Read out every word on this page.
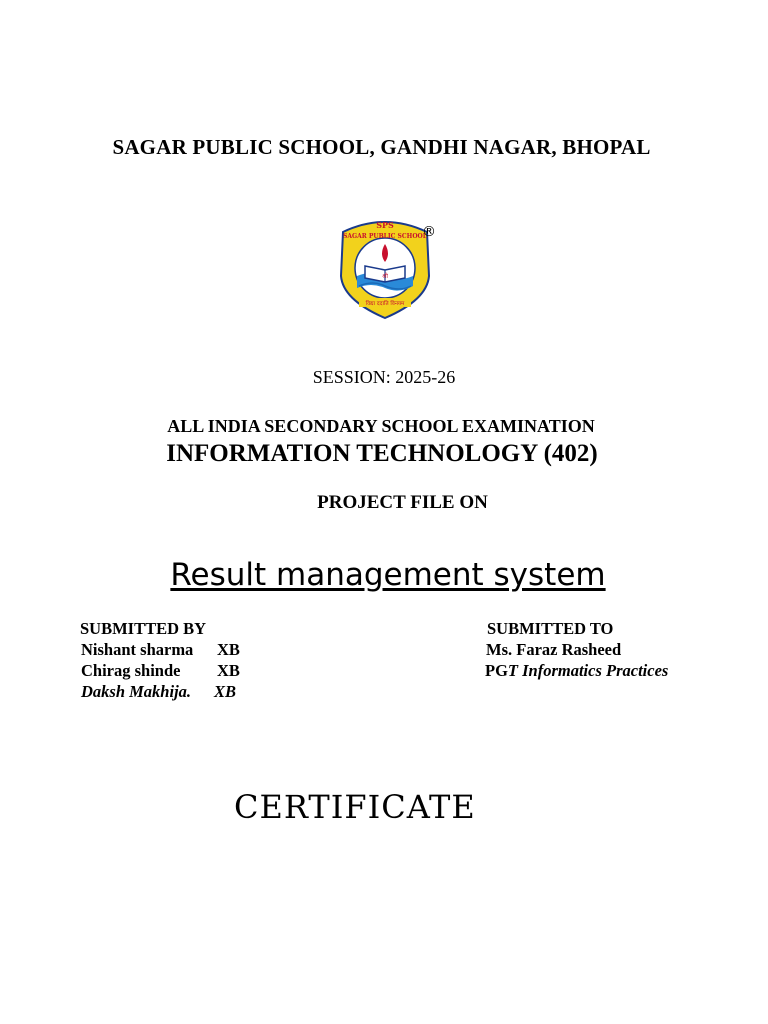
SAGAR PUBLIC SCHOOL, GANDHI NAGAR, BHOPAL
SPS
SAGAR PUBLIC SCHOOL
श्री
विद्या ददाति विनयम
®
SESSION: 2025-26
ALL INDIA SECONDARY SCHOOL EXAMINATION
INFORMATION TECHNOLOGY (402)
PROJECT FILE ON
Result management system
SUBMITTED BY	SUBMITTED TO
Nishant sharma XB
Chirag shinde XB
Daksh Makhija. XB
Ms. Faraz Rasheed
PGT Informatics Practices
CERTIFICATE
